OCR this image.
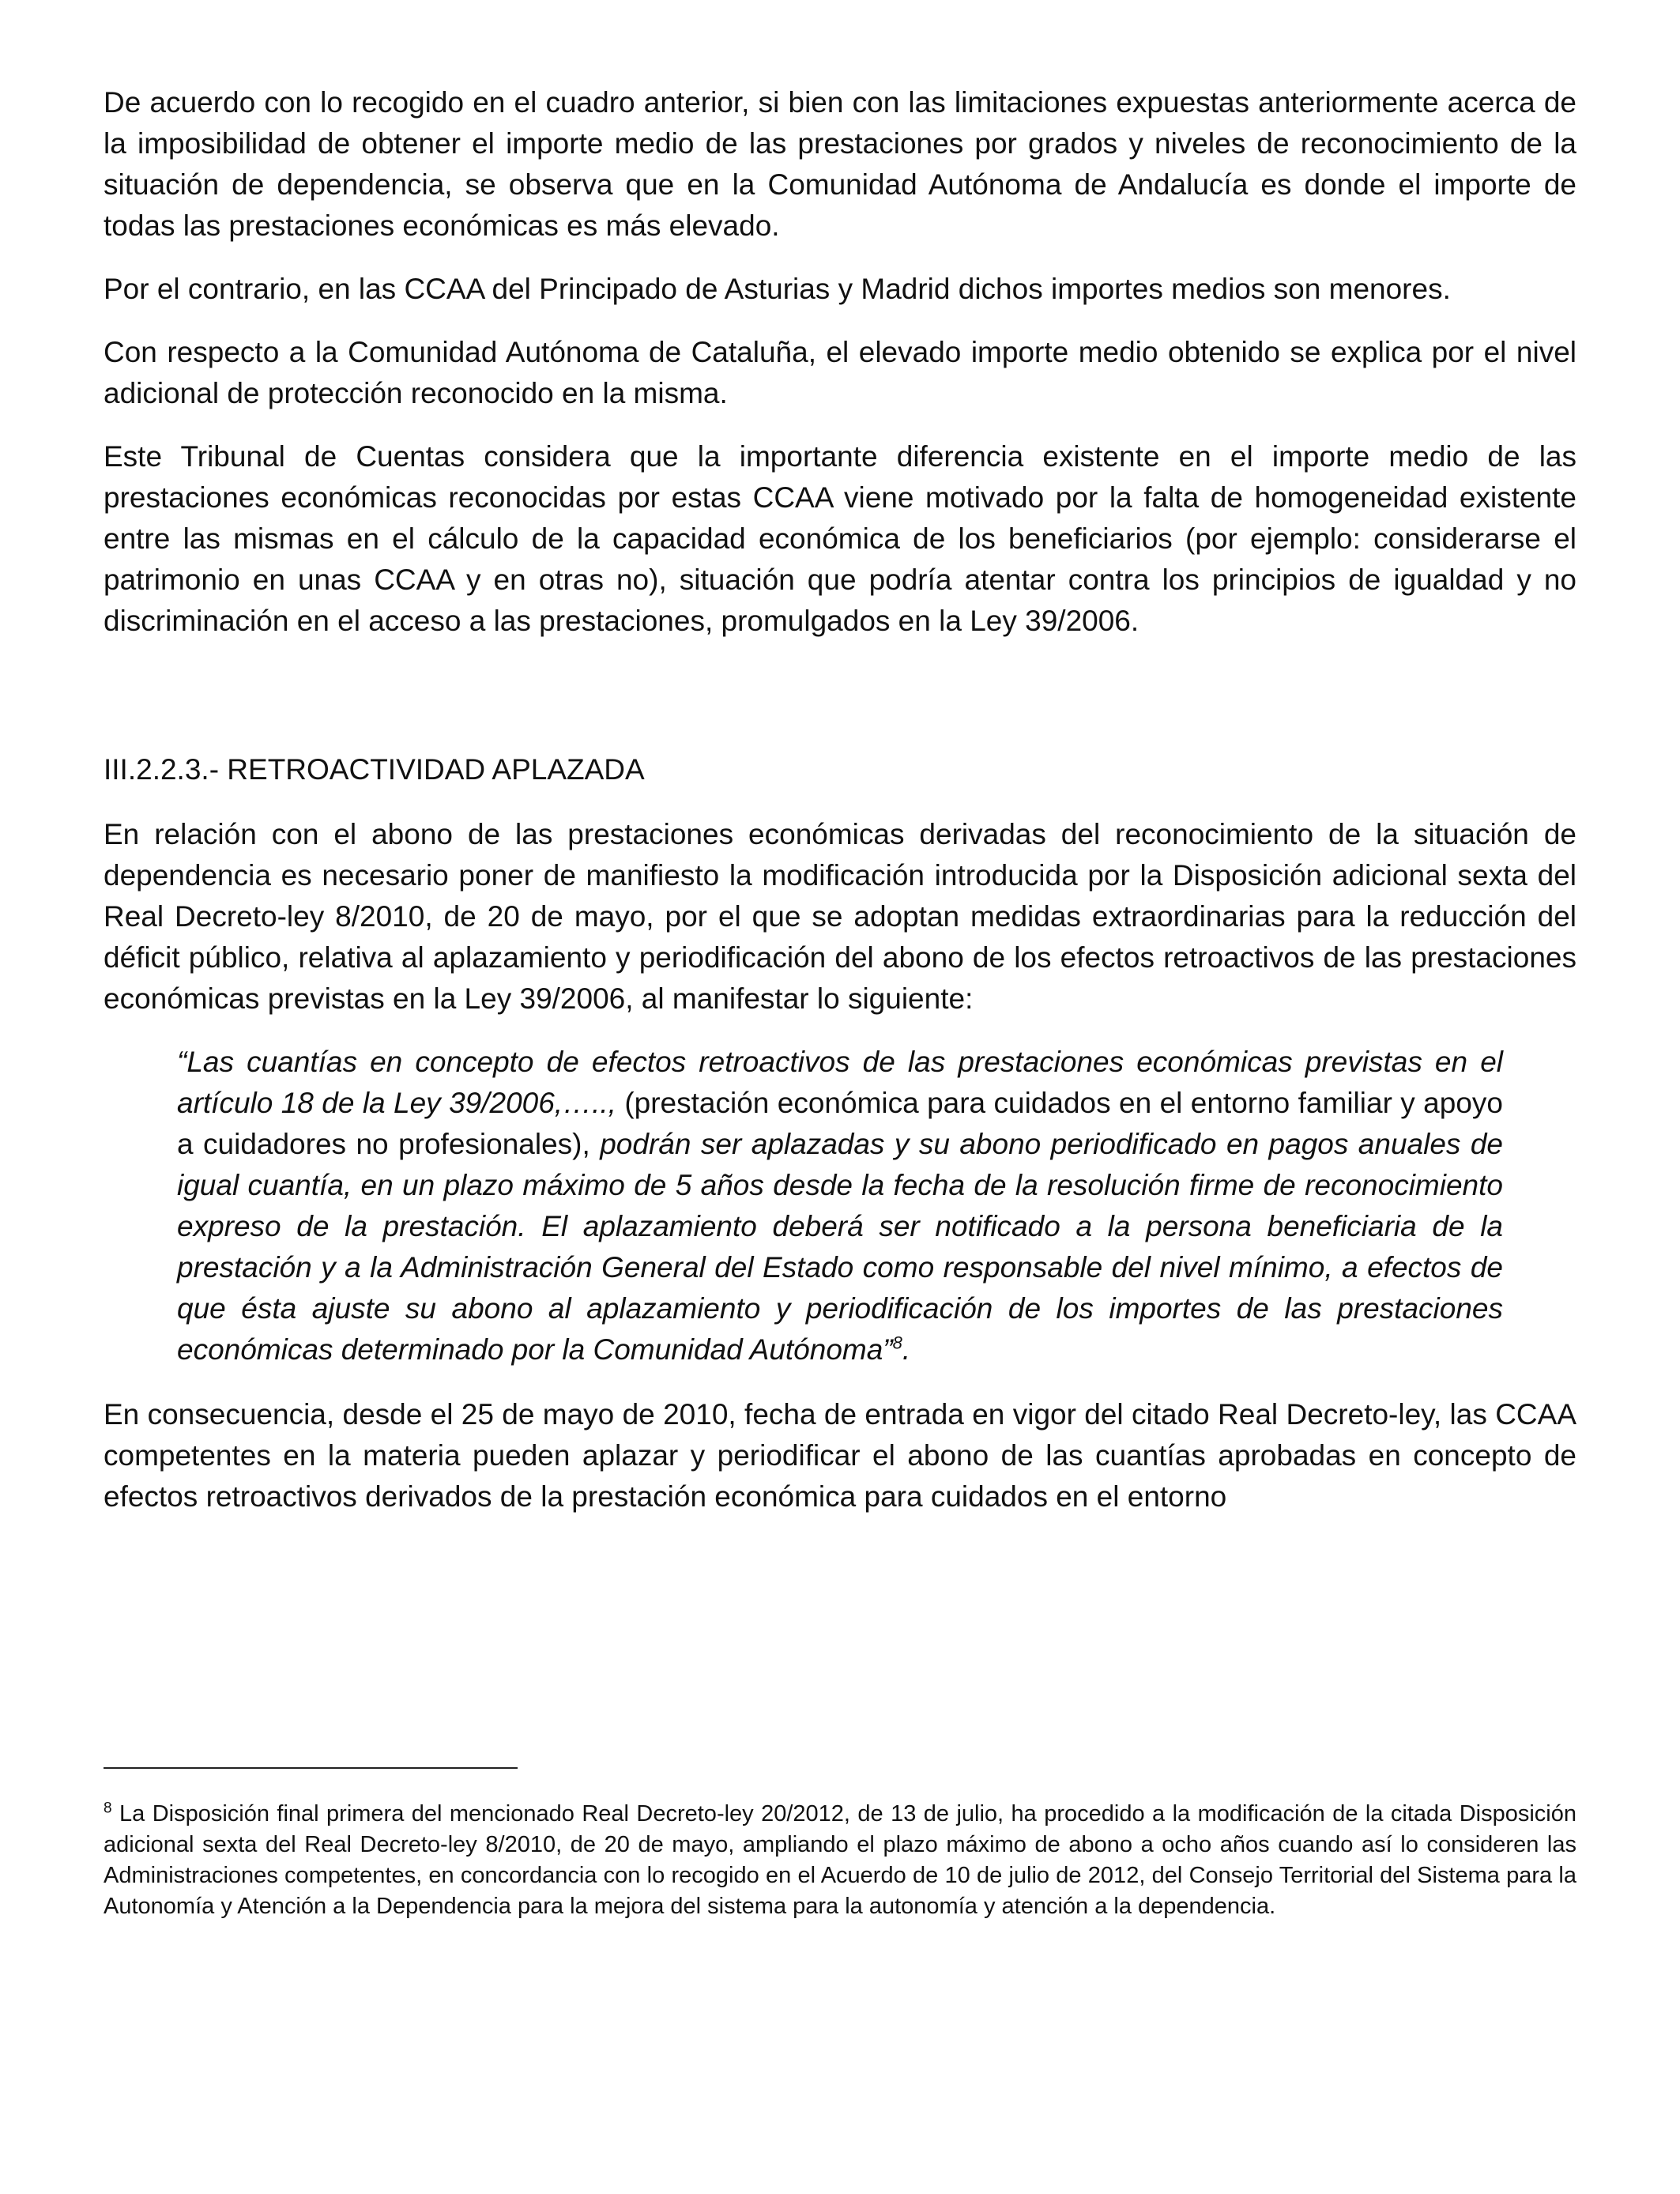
De acuerdo con lo recogido en el cuadro anterior, si bien con las limitaciones expuestas anteriormente acerca de la imposibilidad de obtener el importe medio de las prestaciones por grados y niveles de reconocimiento de la situación de dependencia, se observa que en la Comunidad Autónoma de Andalucía es donde el importe de todas las prestaciones económicas es más elevado.

Por el contrario, en las CCAA del Principado de Asturias y Madrid dichos importes medios son menores.

Con respecto a la Comunidad Autónoma de Cataluña, el elevado importe medio obtenido se explica por el nivel adicional de protección reconocido en la misma.

Este Tribunal de Cuentas considera que la importante diferencia existente en el importe medio de las prestaciones económicas reconocidas por estas CCAA viene motivado por la falta de homogeneidad existente entre las mismas en el cálculo de la capacidad económica de los beneficiarios (por ejemplo: considerarse el patrimonio en unas CCAA y en otras no), situación que podría atentar contra los principios de igualdad y no discriminación en el acceso a las prestaciones, promulgados en la Ley 39/2006.

III.2.2.3.- RETROACTIVIDAD APLAZADA

En relación con el abono de las prestaciones económicas derivadas del reconocimiento de la situación de dependencia es necesario poner de manifiesto la modificación introducida por la Disposición adicional sexta del Real Decreto-ley 8/2010, de 20 de mayo, por el que se adoptan medidas extraordinarias para la reducción del déficit público, relativa al aplazamiento y periodificación del abono de los efectos retroactivos de las prestaciones económicas previstas en la Ley 39/2006, al manifestar lo siguiente:

“Las cuantías en concepto de efectos retroactivos de las prestaciones económicas previstas en el artículo 18 de la Ley 39/2006,….., (prestación económica para cuidados en el entorno familiar y apoyo a cuidadores no profesionales), podrán ser aplazadas y su abono periodificado en pagos anuales de igual cuantía, en un plazo máximo de 5 años desde la fecha de la resolución firme de reconocimiento expreso de la prestación. El aplazamiento deberá ser notificado a la persona beneficiaria de la prestación y a la Administración General del Estado como responsable del nivel mínimo, a efectos de que ésta ajuste su abono al aplazamiento y periodificación de los importes de las prestaciones económicas determinado por la Comunidad Autónoma”$^8$.

En consecuencia, desde el 25 de mayo de 2010, fecha de entrada en vigor del citado Real Decreto-ley, las CCAA competentes en la materia pueden aplazar y periodificar el abono de las cuantías aprobadas en concepto de efectos retroactivos derivados de la prestación económica para cuidados en el entorno

$^8$ La Disposición final primera del mencionado Real Decreto-ley 20/2012, de 13 de julio, ha procedido a la modificación de la citada Disposición adicional sexta del Real Decreto-ley 8/2010, de 20 de mayo, ampliando el plazo máximo de abono a ocho años cuando así lo consideren las Administraciones competentes, en concordancia con lo recogido en el Acuerdo de 10 de julio de 2012, del Consejo Territorial del Sistema para la Autonomía y Atención a la Dependencia para la mejora del sistema para la autonomía y atención a la dependencia.
